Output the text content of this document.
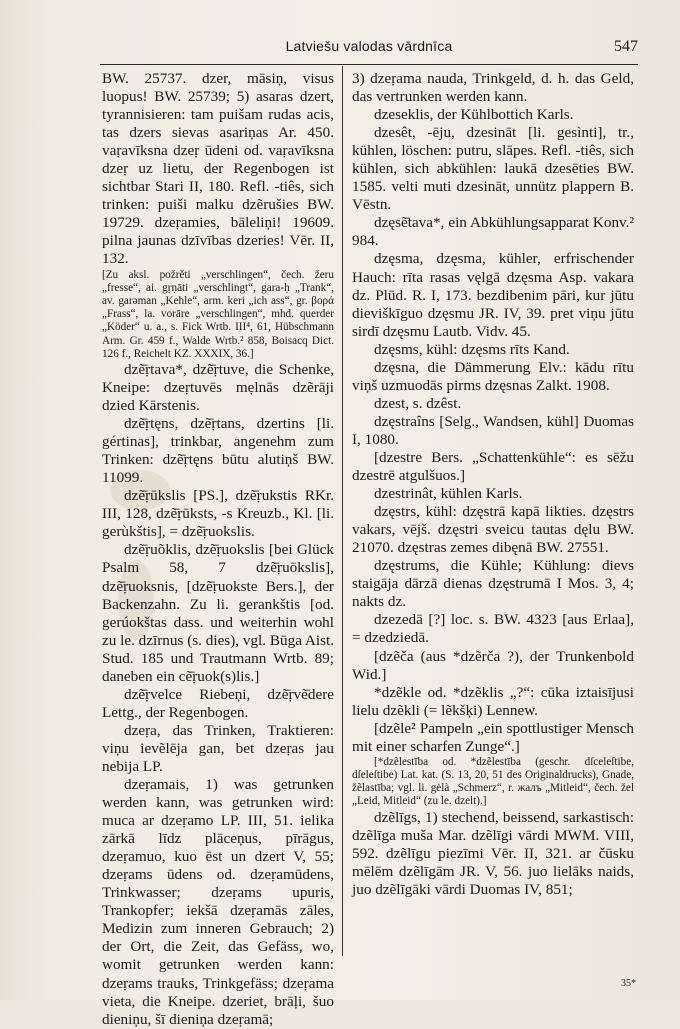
Latviešu valodas vārdnīca	547

BW. 25737. dzer, māsiņ, visus luopus! BW. 25739; 5) asaras dzert, tyrannisieren: tam puišam rudas acis, tas dzers sievas asariņas Ar. 450. vaṛavīksna dzeṛ ūdeni od. vaṛavīksna dzeṛ uz lietu, der Regenbogen ist sichtbar Stari II, 180. Refl. -tiês, sich trinken: puiši malku dzẽrušies BW. 19729. dzeṛamies, bāleliņi! 19609. pilna jaunas dzīvības dzeries! Vēr. II, 132.

[Zu aksl. požrěti „verschlingen“, čech. žeru „fresse“, ai. gṛṇāti „verschlingt“, gara-ḥ „Trank“, av. garəman „Kehle“, arm. keri „ich ass“, gr. βορά „Frass“, la. vorāre „verschlingen“, mhd. querder „Köder“ u. a., s. Fick Wrtb. III⁴, 61, Hübschmann Arm. Gr. 459 f., Walde Wrtb.² 858, Boisacq Dict. 126 f., Reichelt KZ. XXXIX, 36.]

dzẽ̄ṛtava*, dzẽ̄ṛtuve, die Schenke, Kneipe: dzeṛtuvēs mẹlnās dzẽrāji dzied Kārstenis.

dzẽ̄ṛtęns, dzẽ̄ṛtans, dzertins [li. gértinas], trinkbar, angenehm zum Trinken: dzẽ̄ṛtęns būtu alutiņš BW. 11099.

dzẽ̄ṛūkslis [PS.], dzẽ̄ṛukstis RKr. III, 128, dzẽ̄ṛūksts, -s Kreuzb., Kl. [li. gerùkštis], = dzẽ̄ṛuokslis.

dzẽ̄ṛuõklis, dzẽ̄ṛuokslis [bei Glück Psalm 58, 7 dzẽ̄ṛuōkslis], dzẽ̄ṛuoksnis, [dzẽ̄ṛuokste Bers.], der Backenzahn. Zu li. gerankštis [od. gerúokštas dass. und weiterhin wohl zu le. dzīrnus (s. dies), vgl. Būga Aist. Stud. 185 und Trautmann Wrtb. 89; daneben ein cẽ̄ṛuok(s)lis.]

dzẽ̄ṛvelce Riebeņi, dzẽ̄ṛvẽ̄dere Lettg., der Regenbogen.

dzeṛa, das Trinken, Traktieren: viņu ievẽlēja gan, bet dzeṛas jau nebija LP.

dzeṛamais, 1) was getrunken werden kann, was getrunken wird: muca ar dzeṛamo LP. III, 51. ielika zārkā līdz plāceņus, pīrāgus, dzeṛamuo, kuo ēst un dzert V, 55; dzeṛams ūdens od. dzeṛamūdens, Trinkwasser; dzeṛams upuris, Trankopfer; iekšā dzeṛamās zāles, Medizin zum inneren Gebrauch; 2) der Ort, die Zeit, das Gefäss, wo, womit getrunken werden kann: dzeṛams trauks, Trinkgefäss; dzeṛama vieta, die Kneipe. dzeriet, brāļi, šuo dieniņu, šī dieniņa dzeṛamā;

3) dzeṛama nauda, Trinkgeld, d. h. das Geld, das vertrunken werden kann.

dzeseklis, der Kühlbottich Karls.

dzesêt, -ēju, dzesināt [li. gesìnti], tr., kühlen, löschen: putru, slāpes. Refl. -tiês, sich kühlen, sich abkühlen: laukā dzesēties BW. 1585. velti muti dzesināt, unnütz plappern B. Vēstn.

dzęsẽ̄tava*, ein Abkühlungsapparat Konv.² 984.

dzęsma, dzęsma, kühler, erfrischender Hauch: rīta rasas vęlgā dzęsma Asp. vakara dz. Plūd. R. I, 173. bezdibenim pāri, kur jūtu dieviškīguo dzęsmu JR. IV, 39. pret viņu jūtu sirdī dzęsmu Lautb. Vidv. 45.

dzęsms, kühl: dzęsms rīts Kand.

dzęsna, die Dämmerung Elv.: kādu rītu viņš uzmuodās pirms dzęsnas Zalkt. 1908.

dzest, s. dzêst.

dzęstraîns [Selg., Wandsen, kühl] Duomas I, 1080.

[dzestre Bers. „Schattenkühle“: es sēžu dzestrē atgulšuos.]

dzestrinât, kühlen Karls.

dzęstrs, kühl: dzęstrā kapā likties. dzęstrs vakars, vējš. dzęstri sveicu tautas dęlu BW. 21070. dzęstras zemes dibęnā BW. 27551.

dzęstrums, die Kühle; Kühlung: dievs staigāja dārzā dienas dzęstrumā I Mos. 3, 4; nakts dz.

dzezedā [?] loc. s. BW. 4323 [aus Erlaa], = dzedziedā.

[dzẽča (aus *dzẽrča ?), der Trunkenbold Wid.]

*dzẽkle od. *dzẽklis „?“: cūka iztaisījusi lielu dzẽkli (= lẽkšķi) Lennew.

[dzẽle² Pampeln „ein spottlustiger Mensch mit einer scharfen Zunge“.]

[*dzẽlestība od. *dzẽlestība (geschr. dſceleſtibe, dſeleſtibe) Lat. kat. (S. 13, 20, 51 des Originaldrucks), Gnade, žẽlastība; vgl. li. gėlà „Schmerz“, r. жалъ „Mitleid“, čech. žel „Leid, Mitleid“ (zu le. dzelt).]

dzẽlīgs, 1) stechend, beissend, sarkastisch: dzẽlīga muša Mar. dzẽlīgi vārdi MWM. VIII, 592. dzẽlīgu piezīmi Vēr. II, 321. ar čūsku mēlēm dzẽlīgām JR. V, 56. juo lielāks naids, juo dzẽlīgāki vārdi Duomas IV, 851;

35*
